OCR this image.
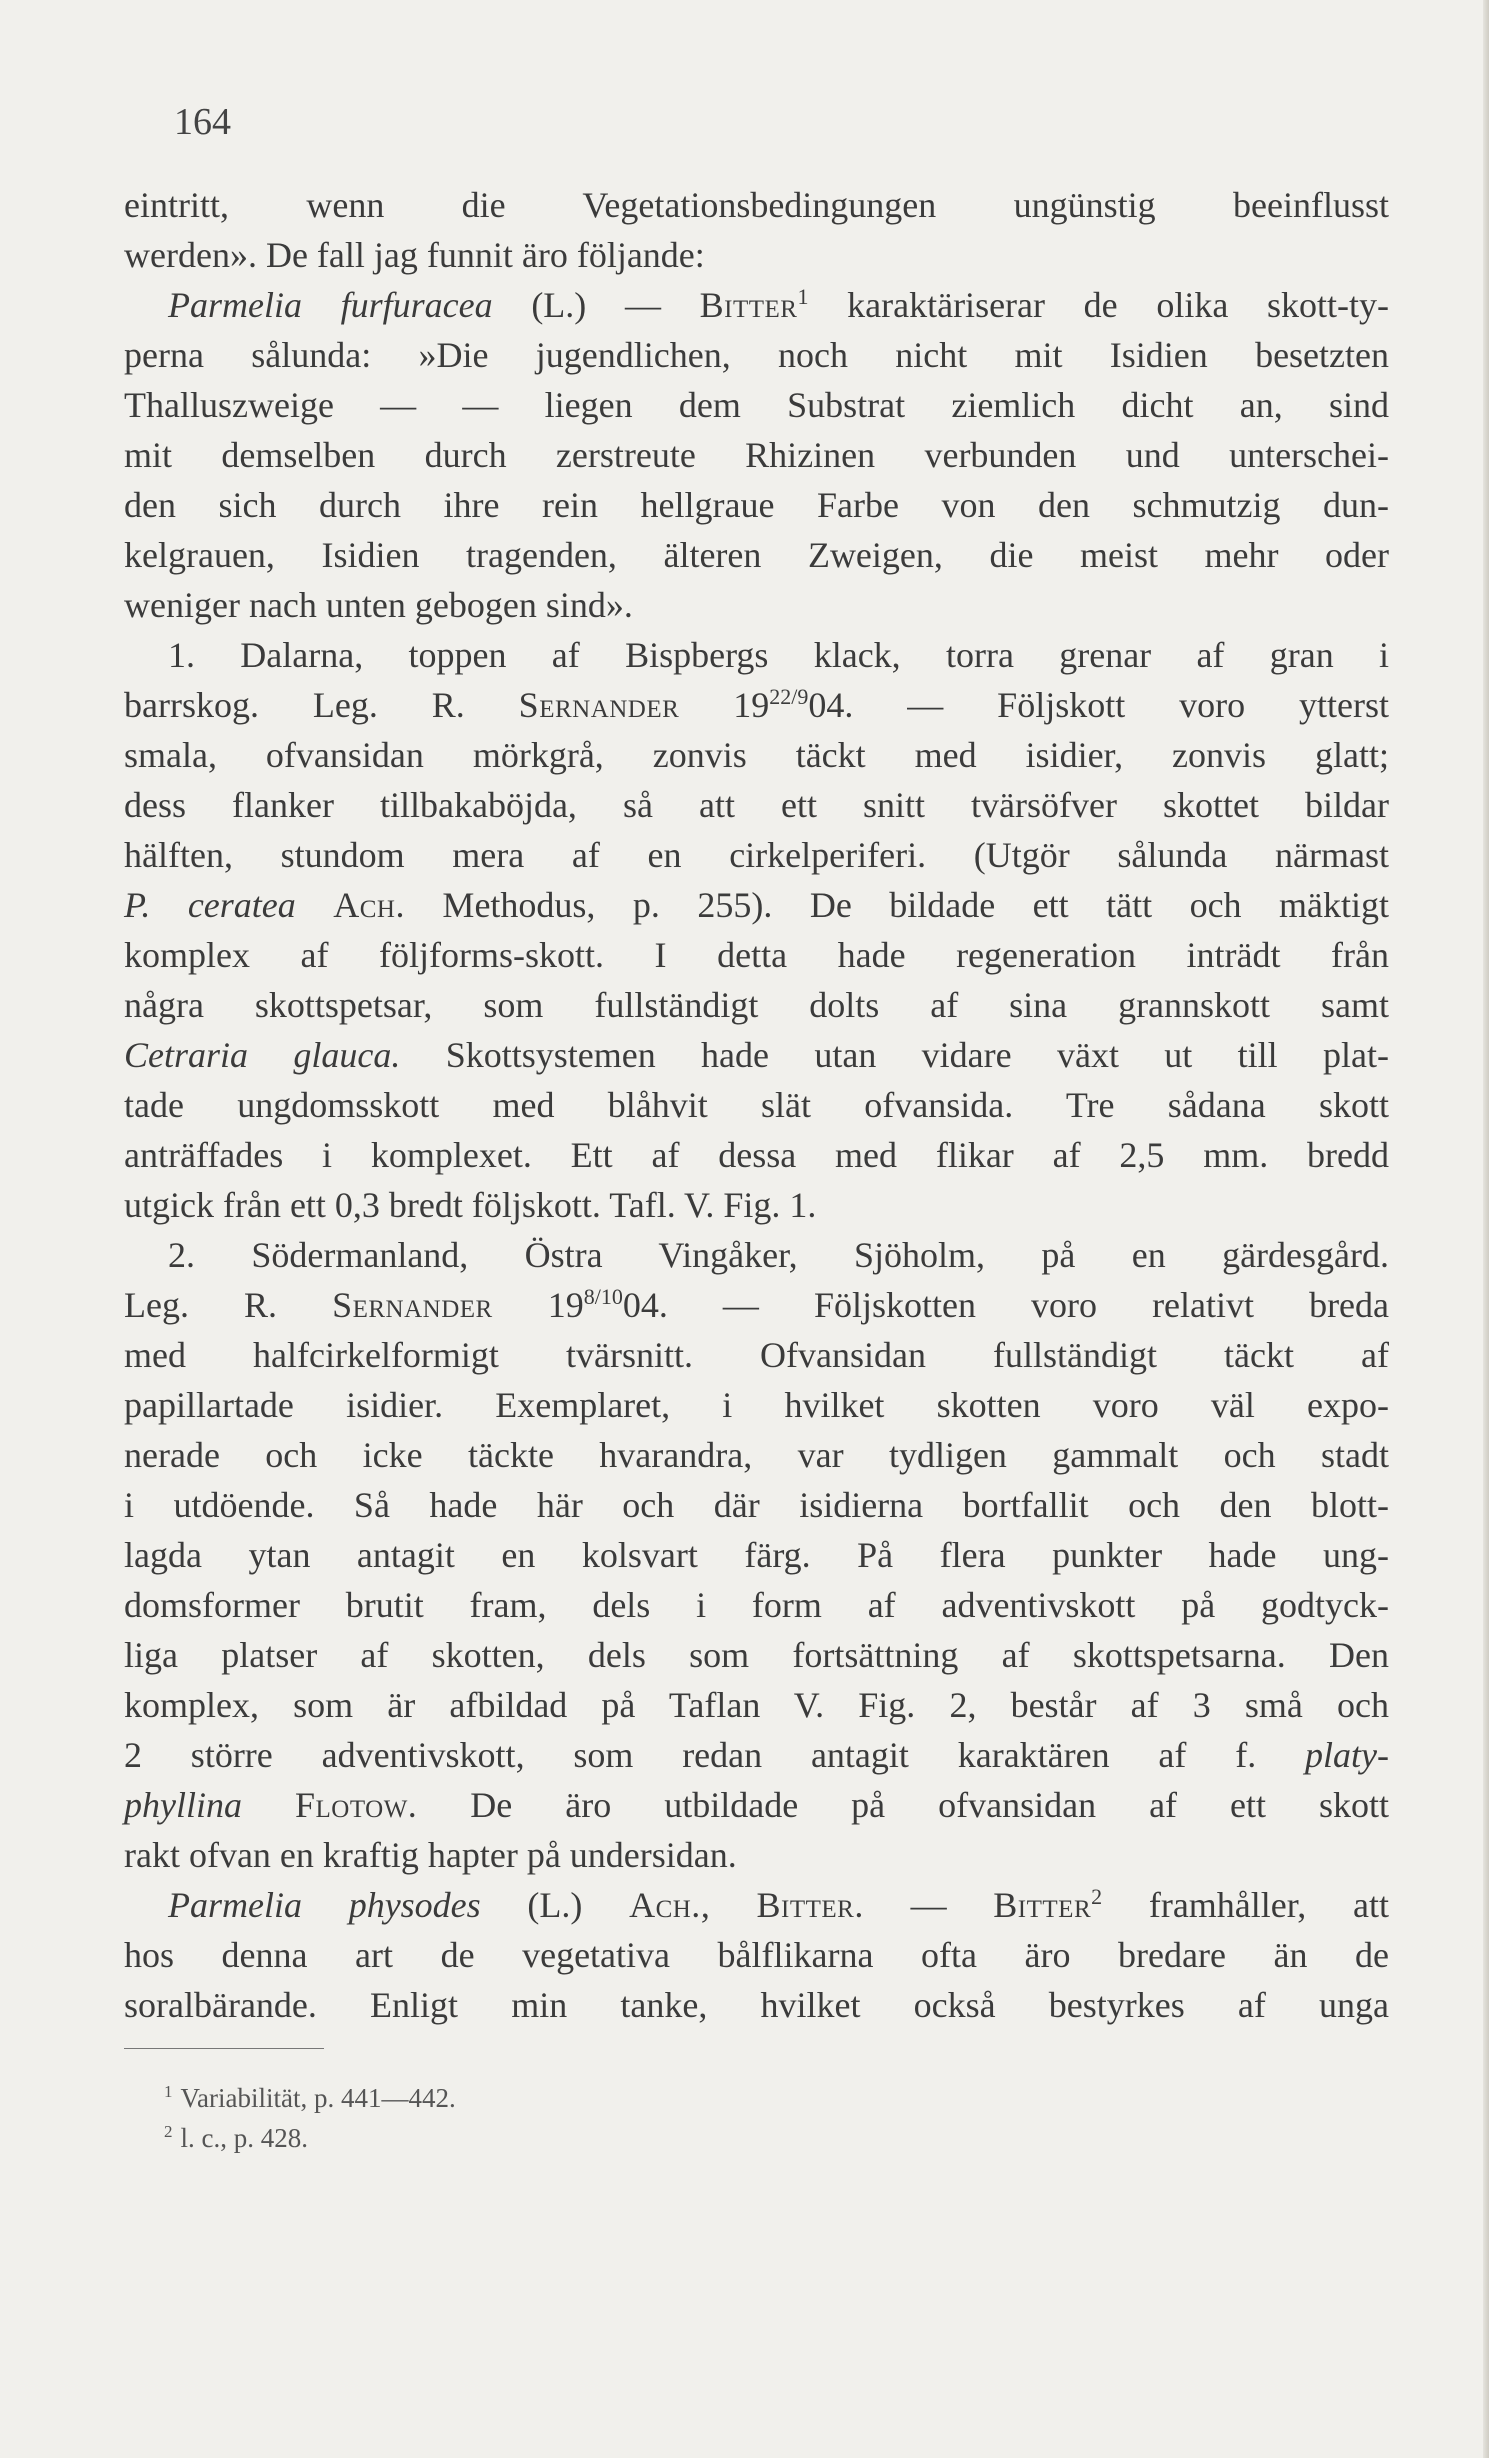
164
eintritt, wenn die Vegetationsbedingungen ungünstig beeinflusst
werden». De fall jag funnit äro följande:
Parmelia furfuracea (L.) — Bitter$^1$ karaktäriserar de olika skott-ty-
perna sålunda: »Die jugendlichen, noch nicht mit Isidien besetzten
Thalluszweige — — liegen dem Substrat ziemlich dicht an, sind
mit demselben durch zerstreute Rhizinen verbunden und unterschei-
den sich durch ihre rein hellgraue Farbe von den schmutzig dun-
kelgrauen, Isidien tragenden, älteren Zweigen, die meist mehr oder
weniger nach unten gebogen sind».
1. Dalarna, toppen af Bispbergs klack, torra grenar af gran i
barrskog. Leg. R. Sernander $19^{22/9}04$. — Följskott voro ytterst
smala, ofvansidan mörkgrå, zonvis täckt med isidier, zonvis glatt;
dess flanker tillbakaböjda, så att ett snitt tvärsöfver skottet bildar
hälften, stundom mera af en cirkelperiferi. (Utgör sålunda närmast
P. ceratea Ach. Methodus, p. 255). De bildade ett tätt och mäktigt
komplex af följforms-skott. I detta hade regeneration inträdt från
några skottspetsar, som fullständigt dolts af sina grannskott samt
Cetraria glauca. Skottsystemen hade utan vidare växt ut till plat-
tade ungdomsskott med blåhvit slät ofvansida. Tre sådana skott
anträffades i komplexet. Ett af dessa med flikar af 2,5 mm. bredd
utgick från ett 0,3 bredt följskott. Tafl. V. Fig. 1.
2. Södermanland, Östra Vingåker, Sjöholm, på en gärdesgård.
Leg. R. Sernander $19^{8/10}04$. — Följskotten voro relativt breda
med halfcirkelformigt tvärsnitt. Ofvansidan fullständigt täckt af
papillartade isidier. Exemplaret, i hvilket skotten voro väl expo-
nerade och icke täckte hvarandra, var tydligen gammalt och stadt
i utdöende. Så hade här och där isidierna bortfallit och den blott-
lagda ytan antagit en kolsvart färg. På flera punkter hade ung-
domsformer brutit fram, dels i form af adventivskott på godtyck-
liga platser af skotten, dels som fortsättning af skottspetsarna. Den
komplex, som är afbildad på Taflan V. Fig. 2, består af 3 små och
2 större adventivskott, som redan antagit karaktären af f. platy-
phyllina Flotow. De äro utbildade på ofvansidan af ett skott
rakt ofvan en kraftig hapter på undersidan.
Parmelia physodes (L.) Ach., Bitter. — Bitter$^2$ framhåller, att
hos denna art de vegetativa bålflikarna ofta äro bredare än de
soralbärande. Enligt min tanke, hvilket också bestyrkes af unga
$^1$ Variabilität, p. 441—442.
$^2$ l. c., p. 428.
